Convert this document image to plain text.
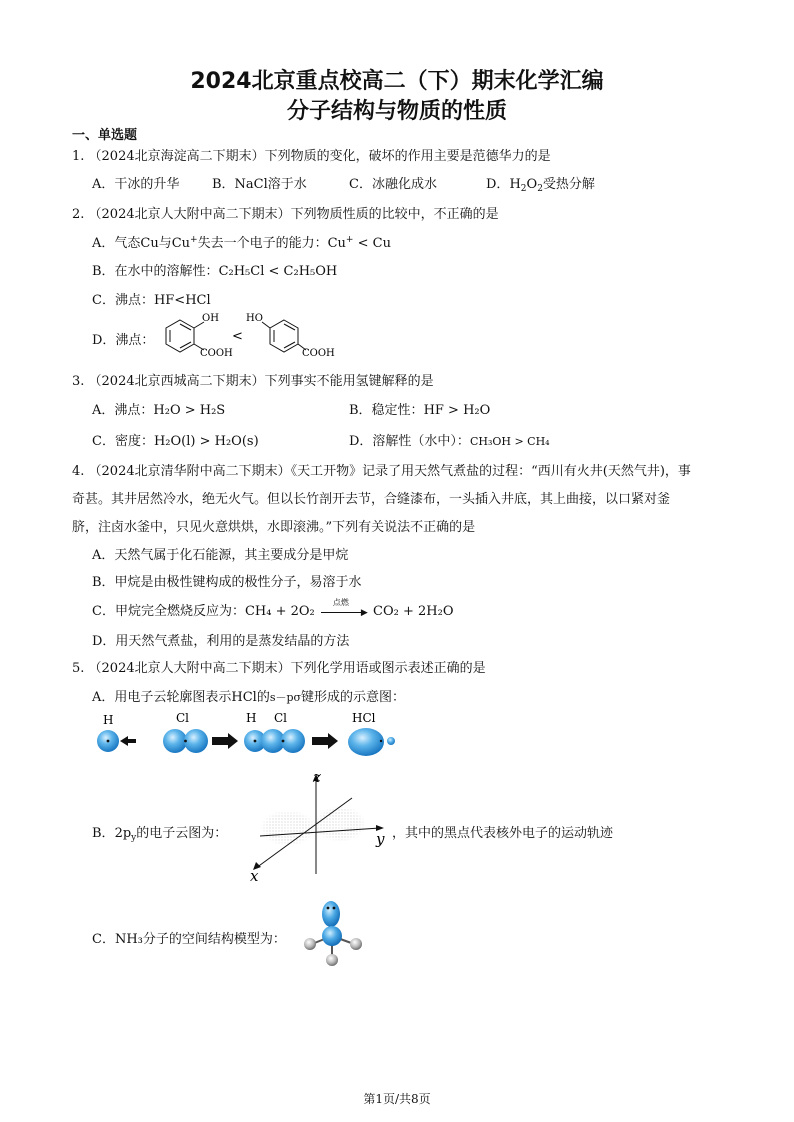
2024北京重点校高二（下）期末化学汇编
分子结构与物质的性质
一、单选题
1. （2024北京海淀高二下期末）下列物质的变化，破坏的作用主要是范德华力的是
A．干冰的升华	B．NaCl溶于水	C．冰融化成水	D．$H_2O_2$受热分解
2. （2024北京人大附中高二下期末）下列物质性质的比较中，不正确的是
A．气态Cu与Cu+失去一个电子的能力：Cu+ < Cu
B．在水中的溶解性：C₂H₅Cl < C₂H₅OH
C．沸点：HF<HCl
D．沸点：
OH
COOH
<
HO
COOH
3. （2024北京西城高二下期末）下列事实不能用氢键解释的是
A．沸点：H₂O > H₂S	B．稳定性：HF > H₂O
C．密度：H₂O(l) > H₂O(s)	D．溶解性（水中）：CH₃OH > CH₄
4. （2024北京清华附中高二下期末）《天工开物》记录了用天然气煮盐的过程：“西川有火井(天然气井)，事
奇甚。其井居然冷水，绝无火气。但以长竹剖开去节，合缝漆布，一头插入井底，其上曲接，以口紧对釜
脐，注卤水釜中，只见火意烘烘，水即滚沸。”下列有关说法不正确的是
A．天然气属于化石能源，其主要成分是甲烷
B．甲烷是由极性键构成的极性分子，易溶于水
C．甲烷完全燃烧反应为：CH₄ + 2O₂
点燃
▶ CO₂ + 2H₂O
D．用天然气煮盐，利用的是蒸发结晶的方法
5. （2024北京人大附中高二下期末）下列化学用语或图示表述正确的是
A．用电子云轮廓图表示HCl的s－pσ键形成的示意图：
H	Cl	H Cl	HCl
B．$2p_y$的电子云图为：
z
y
x
，其中的黑点代表核外电子的运动轨迹
C．NH₃分子的空间结构模型为：
第1页/共8页
